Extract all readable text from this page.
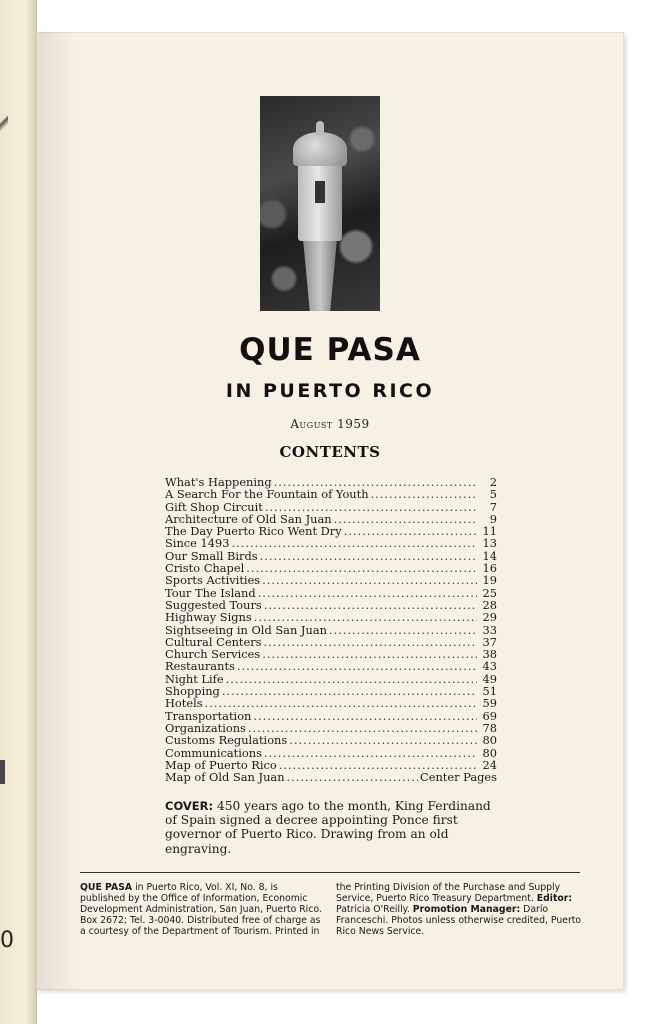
0
QUE PASA
IN PUERTO RICO
August 1959
CONTENTS
What's Happening .....	2
A Search For the Fountain of Youth .....	5
Gift Shop Circuit .....	7
Architecture of Old San Juan .....	9
The Day Puerto Rico Went Dry .....	11
Since 1493 .....	13
Our Small Birds .....	14
Cristo Chapel .....	16
Sports Activities .....	19
Tour The Island .....	25
Suggested Tours .....	28
Highway Signs .....	29
Sightseeing in Old San Juan .....	33
Cultural Centers .....	37
Church Services .....	38
Restaurants .....	43
Night Life .....	49
Shopping .....	51
Hotels .....	59
Transportation .....	69
Organizations .....	78
Customs Regulations .....	80
Communications .....	80
Map of Puerto Rico .....	24
Map of Old San Juan .....	Center Pages

COVER: 450 years ago to the month, King Ferdinand of Spain signed a decree appointing Ponce first governor of Puerto Rico. Drawing from an old engraving.

QUE PASA in Puerto Rico, Vol. XI, No. 8, is published by the Office of Information, Economic Development Administration, San Juan, Puerto Rico. Box 2672; Tel. 3-0040. Distributed free of charge as a courtesy of the Department of Tourism. Printed in

the Printing Division of the Purchase and Supply Service, Puerto Rico Treasury Department. Editor: Patricia O'Reilly. Promotion Manager: Darío Franceschi. Photos unless otherwise credited, Puerto Rico News Service.
